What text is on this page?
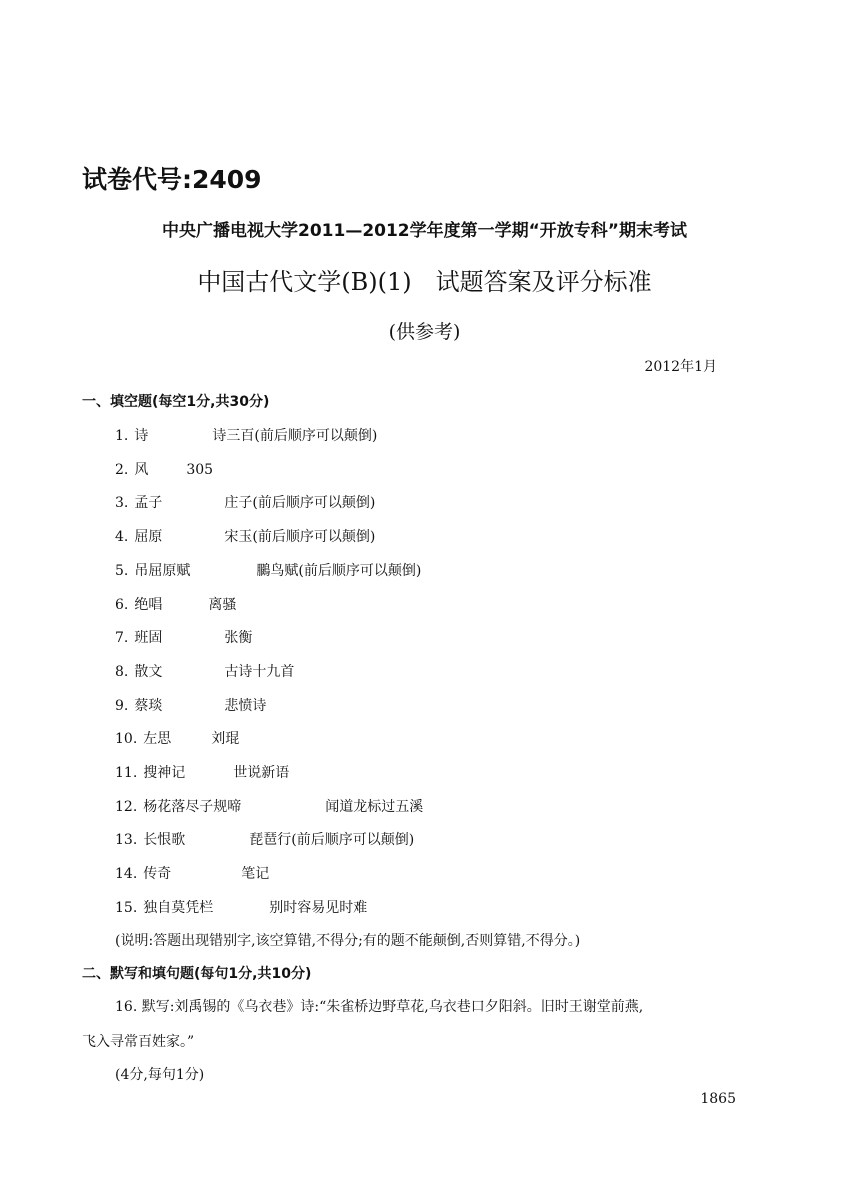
试卷代号:2409
中央广播电视大学2011—2012学年度第一学期“开放专科”期末考试
中国古代文学(B)(1)　试题答案及评分标准
(供参考)
2012年1月
一、填空题(每空1分,共30分)
1. 诗	诗三百(前后顺序可以颠倒)
2. 风	305
3. 孟子	庄子(前后顺序可以颠倒)
4. 屈原	宋玉(前后顺序可以颠倒)
5. 吊屈原赋	鵩鸟赋(前后顺序可以颠倒)
6. 绝唱	离骚
7. 班固	张衡
8. 散文	古诗十九首
9. 蔡琰	悲愤诗
10. 左思	刘琨
11. 搜神记	世说新语
12. 杨花落尽子规啼	闻道龙标过五溪
13. 长恨歌	琵琶行(前后顺序可以颠倒)
14. 传奇	笔记
15. 独自莫凭栏	别时容易见时难
(说明:答题出现错别字,该空算错,不得分;有的题不能颠倒,否则算错,不得分。)
二、默写和填句题(每句1分,共10分)
16. 默写:刘禹锡的《乌衣巷》诗:“朱雀桥边野草花,乌衣巷口夕阳斜。旧时王谢堂前燕,
飞入寻常百姓家。”
(4分,每句1分)
1865
